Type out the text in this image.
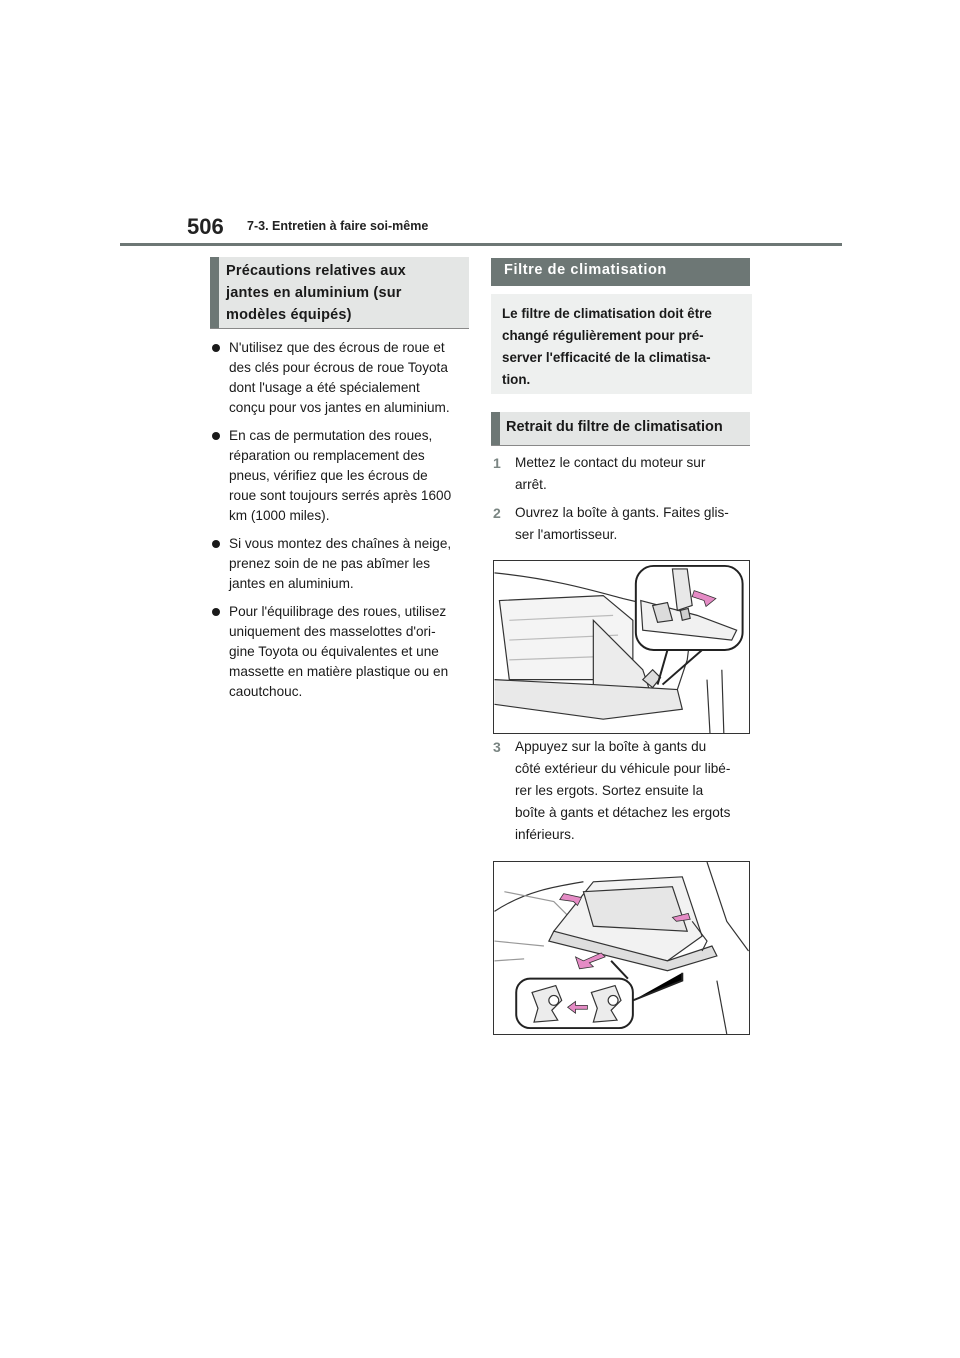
506 7-3. Entretien à faire soi-même
Précautions relatives aux
jantes en aluminium (sur
modèles équipés)
N'utilisez que des écrous de roue et
des clés pour écrous de roue Toyota
dont l'usage a été spécialement
conçu pour vos jantes en aluminium.
En cas de permutation des roues,
réparation ou remplacement des
pneus, vérifiez que les écrous de
roue sont toujours serrés après 1600
km (1000 miles).
Si vous montez des chaînes à neige,
prenez soin de ne pas abîmer les
jantes en aluminium.
Pour l'équilibrage des roues, utilisez
uniquement des masselottes d'ori-
gine Toyota ou équivalentes et une
massette en matière plastique ou en
caoutchouc.
Filtre de climatisation
Le filtre de climatisation doit être
changé régulièrement pour pré-
server l'efficacité de la climatisa-
tion.
Retrait du filtre de climatisation
1 Mettez le contact du moteur sur
arrêt.
2 Ouvrez la boîte à gants. Faites glis-
ser l'amortisseur.
3 Appuyez sur la boîte à gants du
côté extérieur du véhicule pour libé-
rer les ergots. Sortez ensuite la
boîte à gants et détachez les ergots
inférieurs.
